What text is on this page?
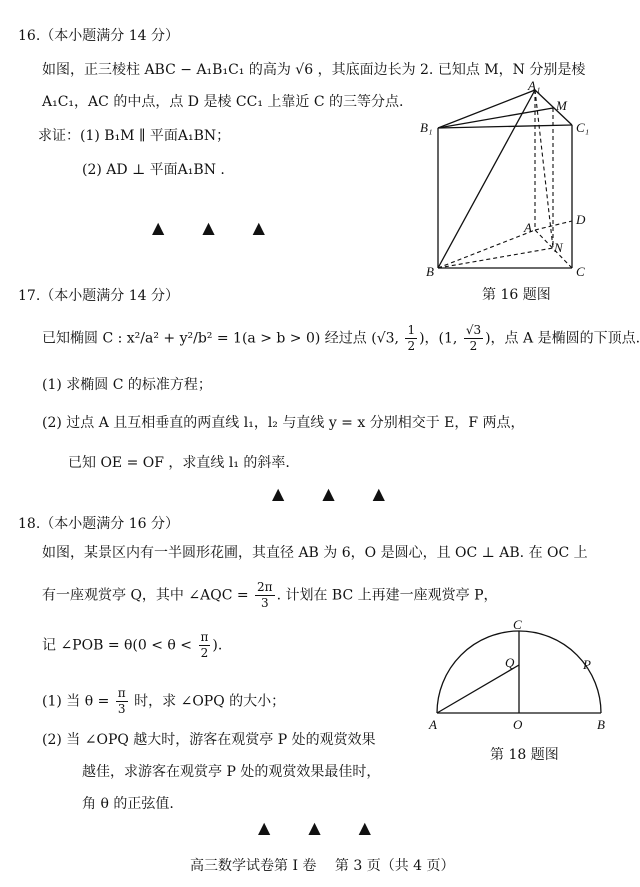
16.（本小题满分 14 分）
如图，正三棱柱 ABC − A₁B₁C₁ 的高为 √6 ，其底面边长为 2. 已知点 M，N 分别是棱
A₁C₁，AC 的中点，点 D 是棱 CC₁ 上靠近 C 的三等分点.
求证：(1) B₁M ∥ 平面A₁BN；
(2) AD ⊥ 平面A₁BN .
▲ ▲ ▲
A₁
M
B₁	C₁
D
A
N
B	C
第 16 题图
17.（本小题满分 14 分）
已知椭圆 C : x²/a² + y²/b² = 1(a > b > 0) 经过点 (√3, $\frac{1}{2}$ )，(1, $\frac{√3}{2}$ )，点 A 是椭圆的下顶点.
(1) 求椭圆 C 的标准方程；
(2) 过点 A 且互相垂直的两直线 l₁，l₂ 与直线 y = x 分别相交于 E，F 两点，
已知 OE = OF ，求直线 l₁ 的斜率.
▲ ▲ ▲
18.（本小题满分 16 分）
如图，某景区内有一半圆形花圃，其直径 AB 为 6，O 是圆心，且 OC ⊥ AB. 在 OC 上
有一座观赏亭 Q，其中 ∠AQC = $\frac{2\pi}{3}$ . 计划在 BC 上再建一座观赏亭 P，
记 ∠POB = $\theta(0 < \theta < \frac{\pi}{2}$ ).
(1) 当 $\theta = \frac{\pi}{3}$ 时，求 ∠OPQ 的大小；
(2) 当 ∠OPQ 越大时，游客在观赏亭 P 处的观赏效果
越佳，求游客在观赏亭 P 处的观赏效果最佳时，
角 θ 的正弦值.
C
Q	P
A	O	B
第 18 题图
▲ ▲ ▲
高三数学试卷第 I 卷　 第 3 页（共 4 页）
